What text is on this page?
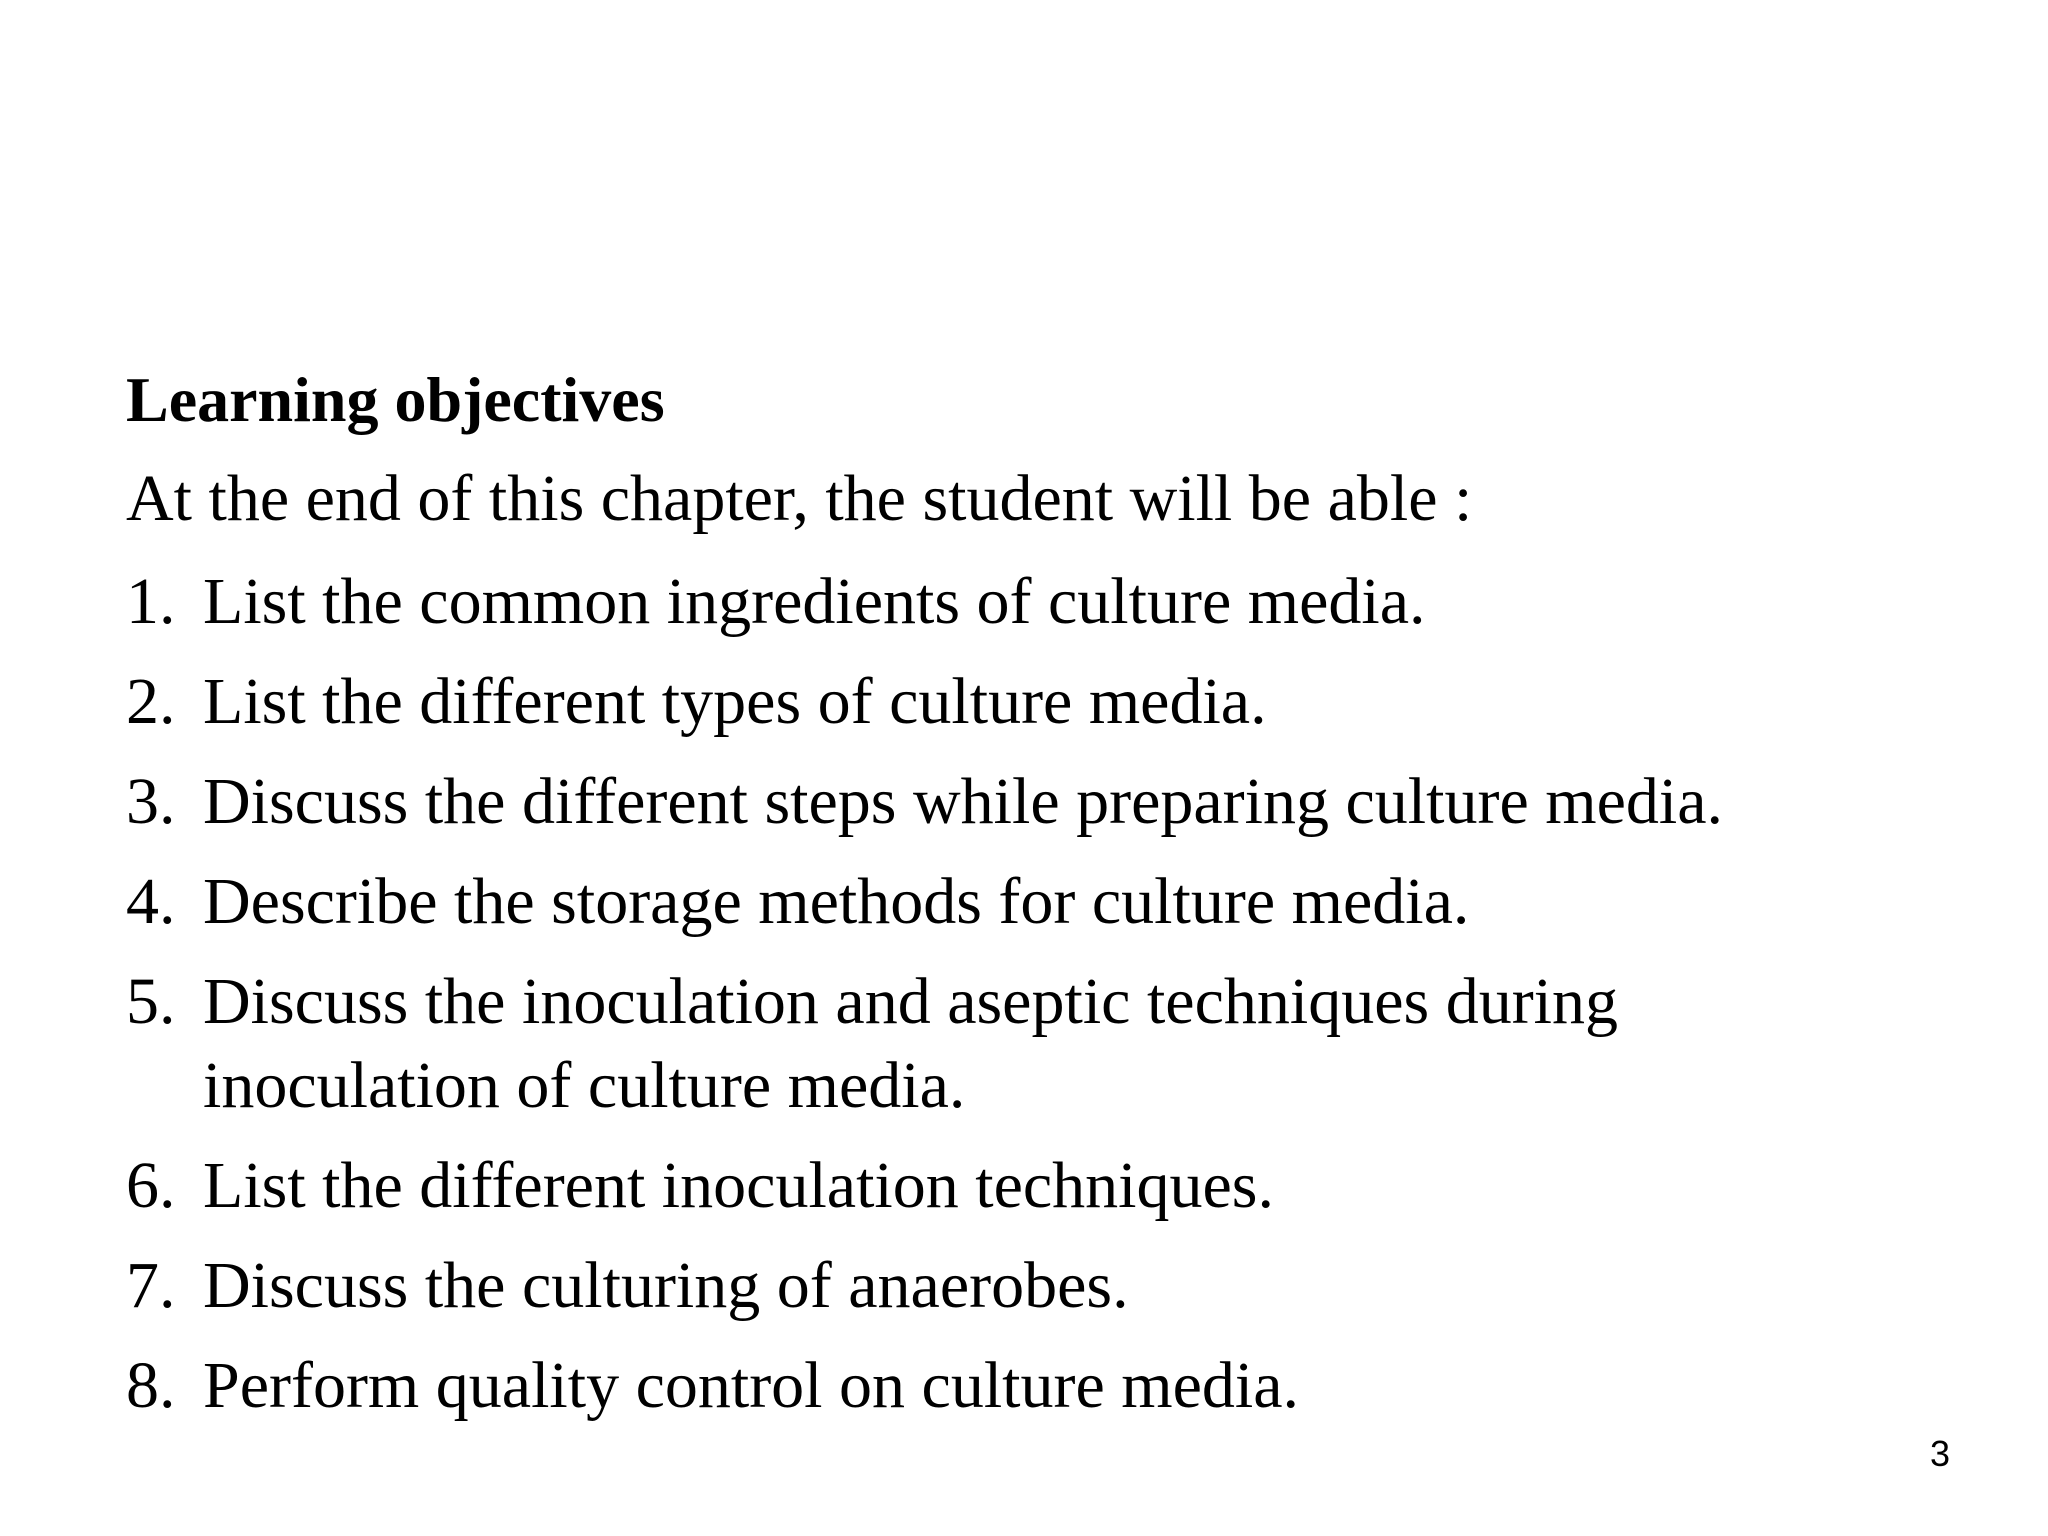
Learning objectives
At the end of this chapter, the student will be able :
1. List the common ingredients of culture media.
2. List the different types of culture media.
3. Discuss the different steps while preparing culture media.
4. Describe the storage methods for culture media.
5. Discuss the inoculation and aseptic techniques during
inoculation of culture media.
6. List the different inoculation techniques.
7. Discuss the culturing of anaerobes.
8. Perform quality control on culture media.
3
